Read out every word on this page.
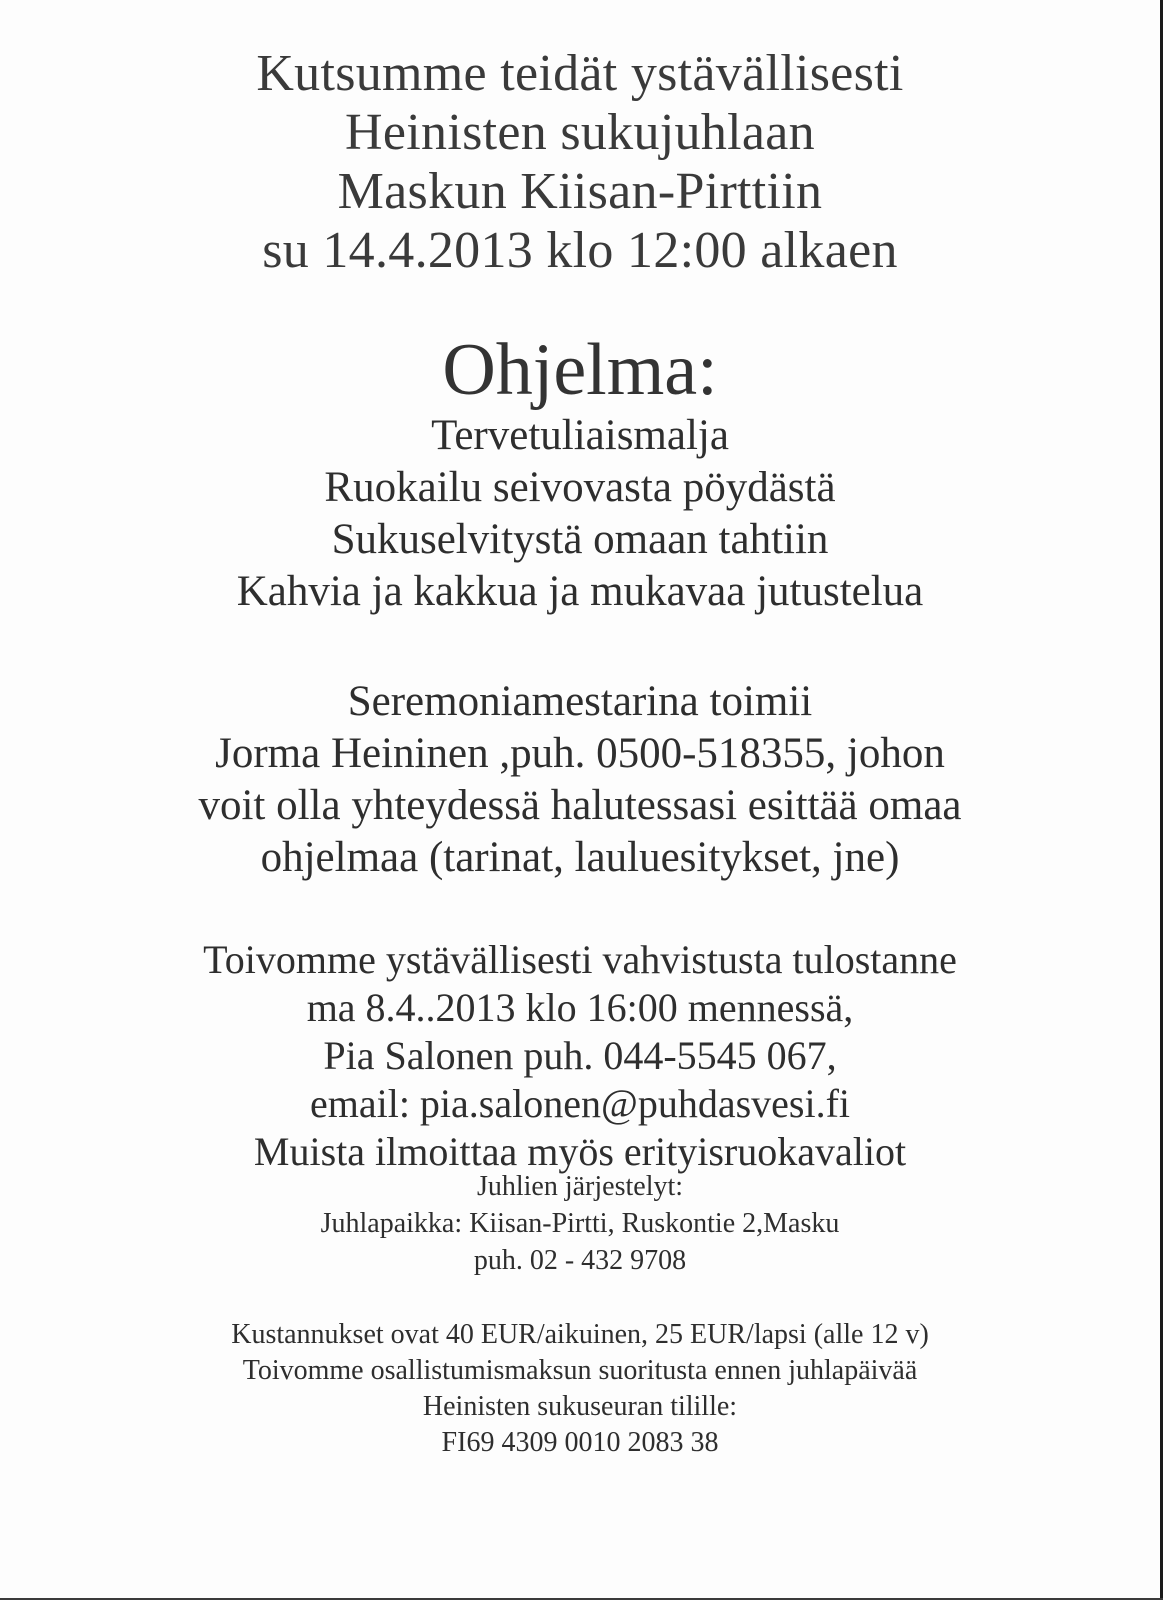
Kutsumme teidät ystävällisesti
Heinisten sukujuhlaan
Maskun Kiisan-Pirttiin
su 14.4.2013 klo 12:00 alkaen
Ohjelma:
Tervetuliaismalja
Ruokailu seivovasta pöydästä
Sukuselvitystä omaan tahtiin
Kahvia ja kakkua ja mukavaa jutustelua
Seremoniamestarina toimii
Jorma Heininen ,puh. 0500-518355, johon
voit olla yhteydessä halutessasi esittää omaa
ohjelmaa (tarinat, lauluesitykset, jne)
Toivomme ystävällisesti vahvistusta tulostanne
ma 8.4..2013 klo 16:00 mennessä,
Pia Salonen puh. 044-5545 067,
email: pia.salonen@puhdasvesi.fi
Muista ilmoittaa myös erityisruokavaliot
Juhlien järjestelyt:
Juhlapaikka: Kiisan-Pirtti, Ruskontie 2,Masku
puh. 02 - 432 9708
Kustannukset ovat 40 EUR/aikuinen, 25 EUR/lapsi (alle 12 v)
Toivomme osallistumismaksun suoritusta ennen juhlapäivää
Heinisten sukuseuran tilille:
FI69 4309 0010 2083 38
